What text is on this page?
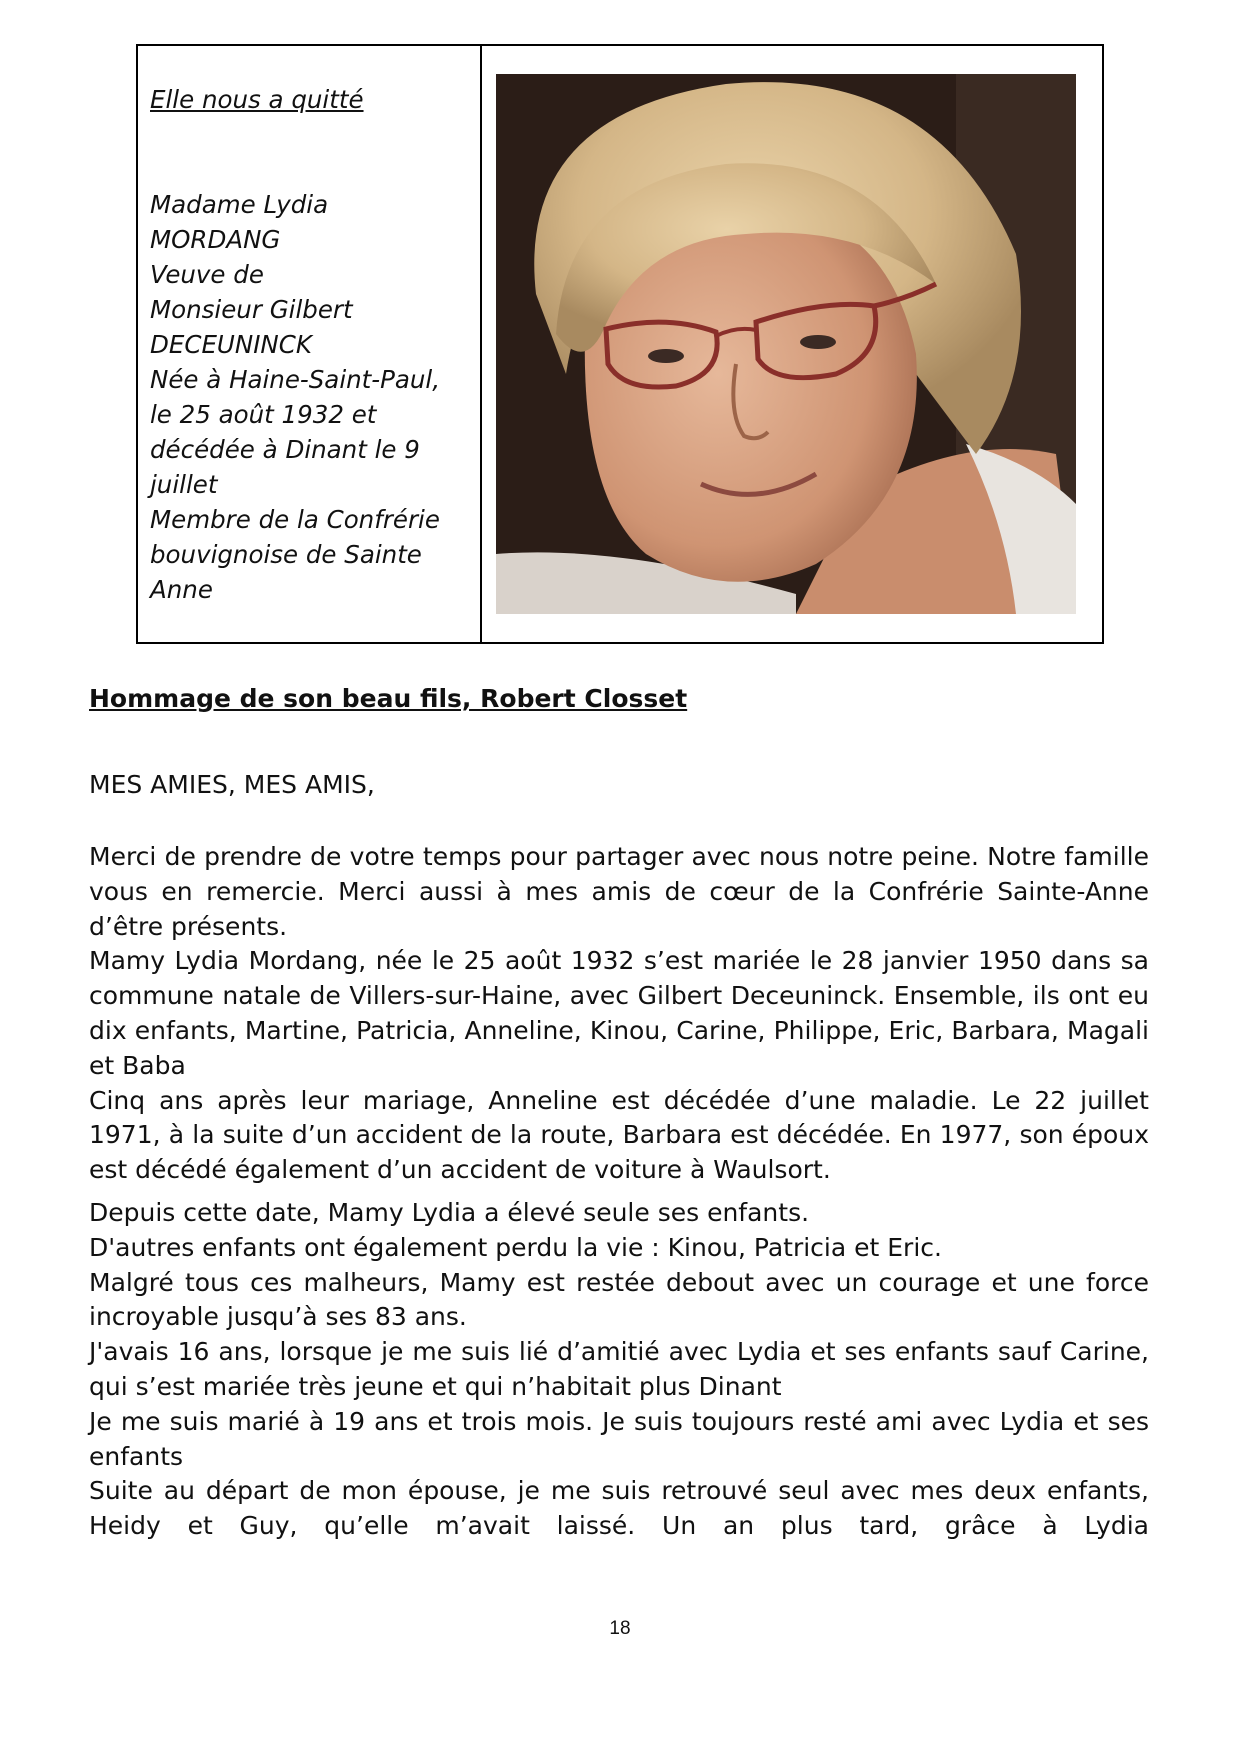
Elle nous a quitté
Madame Lydia
MORDANG
Veuve de
Monsieur Gilbert
DECEUNINCK
Née à Haine-Saint-Paul,
le 25 août 1932 et
décédée à Dinant le 9
juillet
Membre de la Confrérie
bouvignoise de Sainte
Anne
Hommage de son beau fils, Robert Closset
MES AMIES, MES AMIS,

Merci de prendre de votre temps pour partager avec nous notre peine. Notre famille vous en remercie. Merci aussi à mes amis de cœur de la Confrérie Sainte-Anne d’être présents.

Mamy Lydia Mordang, née le 25 août 1932 s’est mariée le 28 janvier 1950 dans sa commune natale de Villers-sur-Haine, avec Gilbert Deceuninck. Ensemble, ils ont eu dix enfants, Martine, Patricia, Anneline, Kinou, Carine, Philippe, Eric, Barbara, Magali et Baba

Cinq ans après leur mariage, Anneline est décédée d’une maladie. Le 22 juillet 1971, à la suite d’un accident de la route, Barbara est décédée. En 1977, son époux est décédé également d’un accident de voiture à Waulsort.

Depuis cette date, Mamy Lydia a élevé seule ses enfants.

D'autres enfants ont également perdu la vie : Kinou, Patricia et Eric.

Malgré tous ces malheurs, Mamy est restée debout avec un courage et une force incroyable jusqu’à ses 83 ans.

J'avais 16 ans, lorsque je me suis lié d’amitié avec Lydia et ses enfants sauf Carine, qui s’est mariée très jeune et qui n’habitait plus Dinant

Je me suis marié à 19 ans et trois mois. Je suis toujours resté ami avec Lydia et ses enfants

Suite au départ de mon épouse, je me suis retrouvé seul avec mes deux enfants, Heidy et Guy, qu’elle m’avait laissé. Un an plus tard, grâce à Lydia

18
